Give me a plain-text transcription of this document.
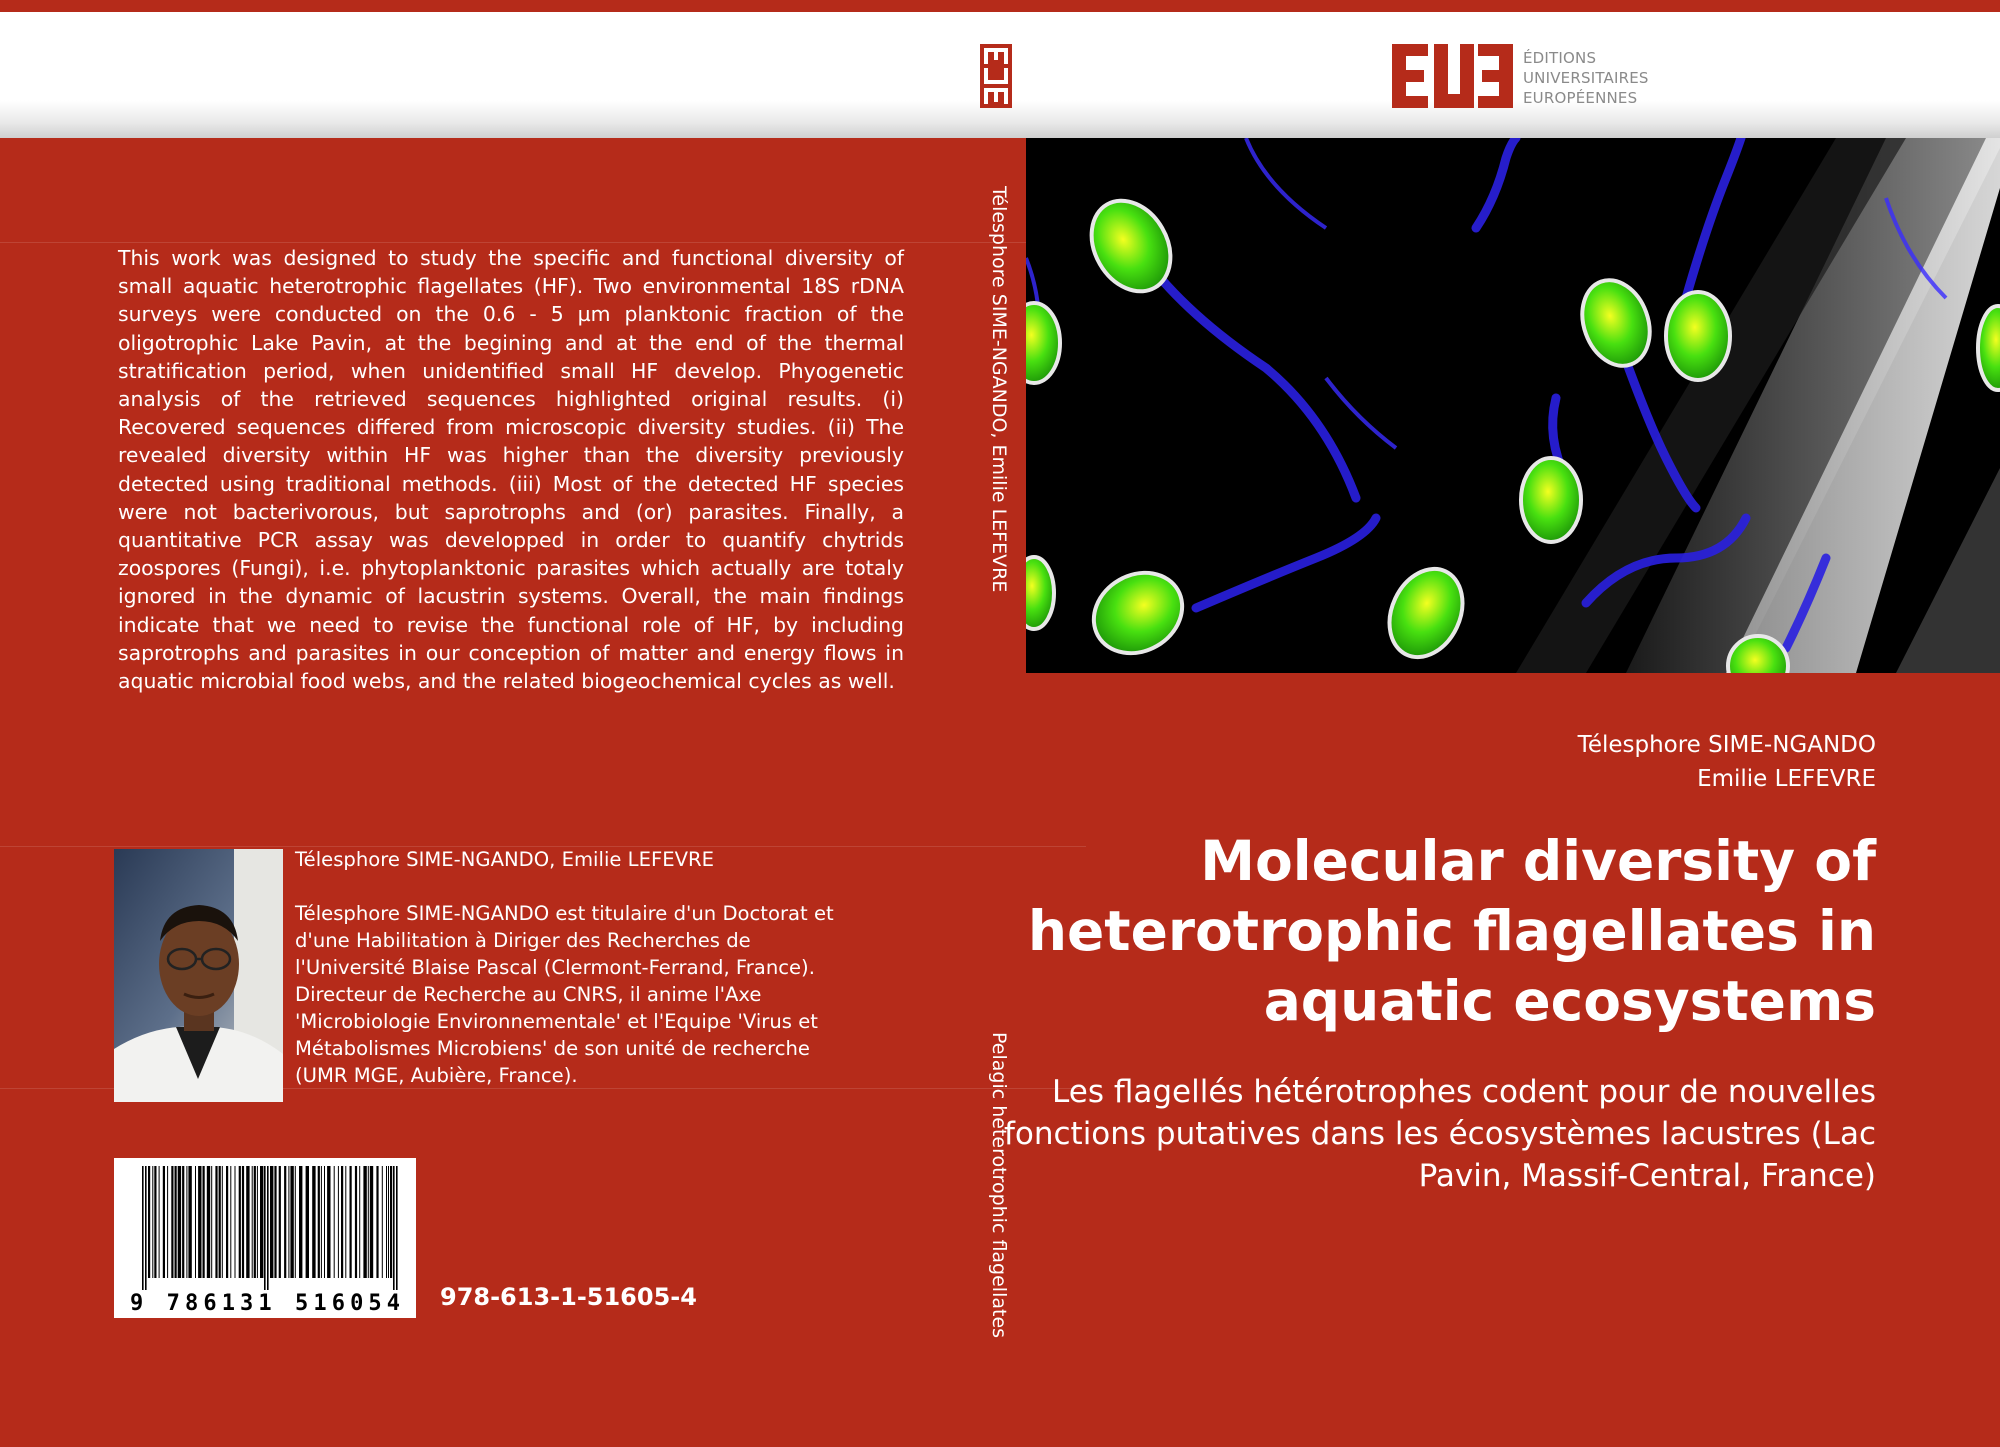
ÉDITIONS
UNIVERSITAIRES
EUROPÉENNES
This work was designed to study the specific and functional diversity of small aquatic heterotrophic flagellates (HF). Two environmental 18S rDNA surveys were conducted on the 0.6 - 5 µm planktonic fraction of the oligotrophic Lake Pavin, at the begining and at the end of the thermal stratification period, when unidentified small HF develop. Phyogenetic analysis of the retrieved sequences highlighted original results. (i) Recovered sequences differed from microscopic diversity studies. (ii) The revealed diversity within HF was higher than the diversity previously detected using traditional methods. (iii) Most of the detected HF species were not bacterivorous, but saprotrophs and (or) parasites. Finally, a quantitative PCR assay was developped in order to quantify chytrids zoospores (Fungi), i.e. phytoplanktonic parasites which actually are totaly ignored in the dynamic of lacustrin systems. Overall, the main findings indicate that we need to revise the functional role of HF, by including saprotrophs and parasites in our conception of matter and energy flows in aquatic microbial food webs, and the related biogeochemical cycles as well.
Télesphore SIME-NGANDO, Emilie LEFEVRE
Télesphore SIME-NGANDO est titulaire d'un Doctorat et d'une Habilitation à Diriger des Recherches de l'Université Blaise Pascal (Clermont-Ferrand, France). Directeur de Recherche au CNRS, il anime l'Axe 'Microbiologie Environnementale' et l'Equipe 'Virus et Métabolismes Microbiens' de son unité de recherche (UMR MGE, Aubière, France).
9 786131 516054 978-613-1-51605-4
Télesphore SIME-NGANDO, Emilie LEFEVRE
Pelagic heterotrophic flagellates
Télesphore SIME-NGANDO
Emilie LEFEVRE
Molecular diversity of heterotrophic flagellates in aquatic ecosystems
Les flagellés hétérotrophes codent pour de nouvelles fonctions putatives dans les écosystèmes lacustres (Lac Pavin, Massif-Central, France)
